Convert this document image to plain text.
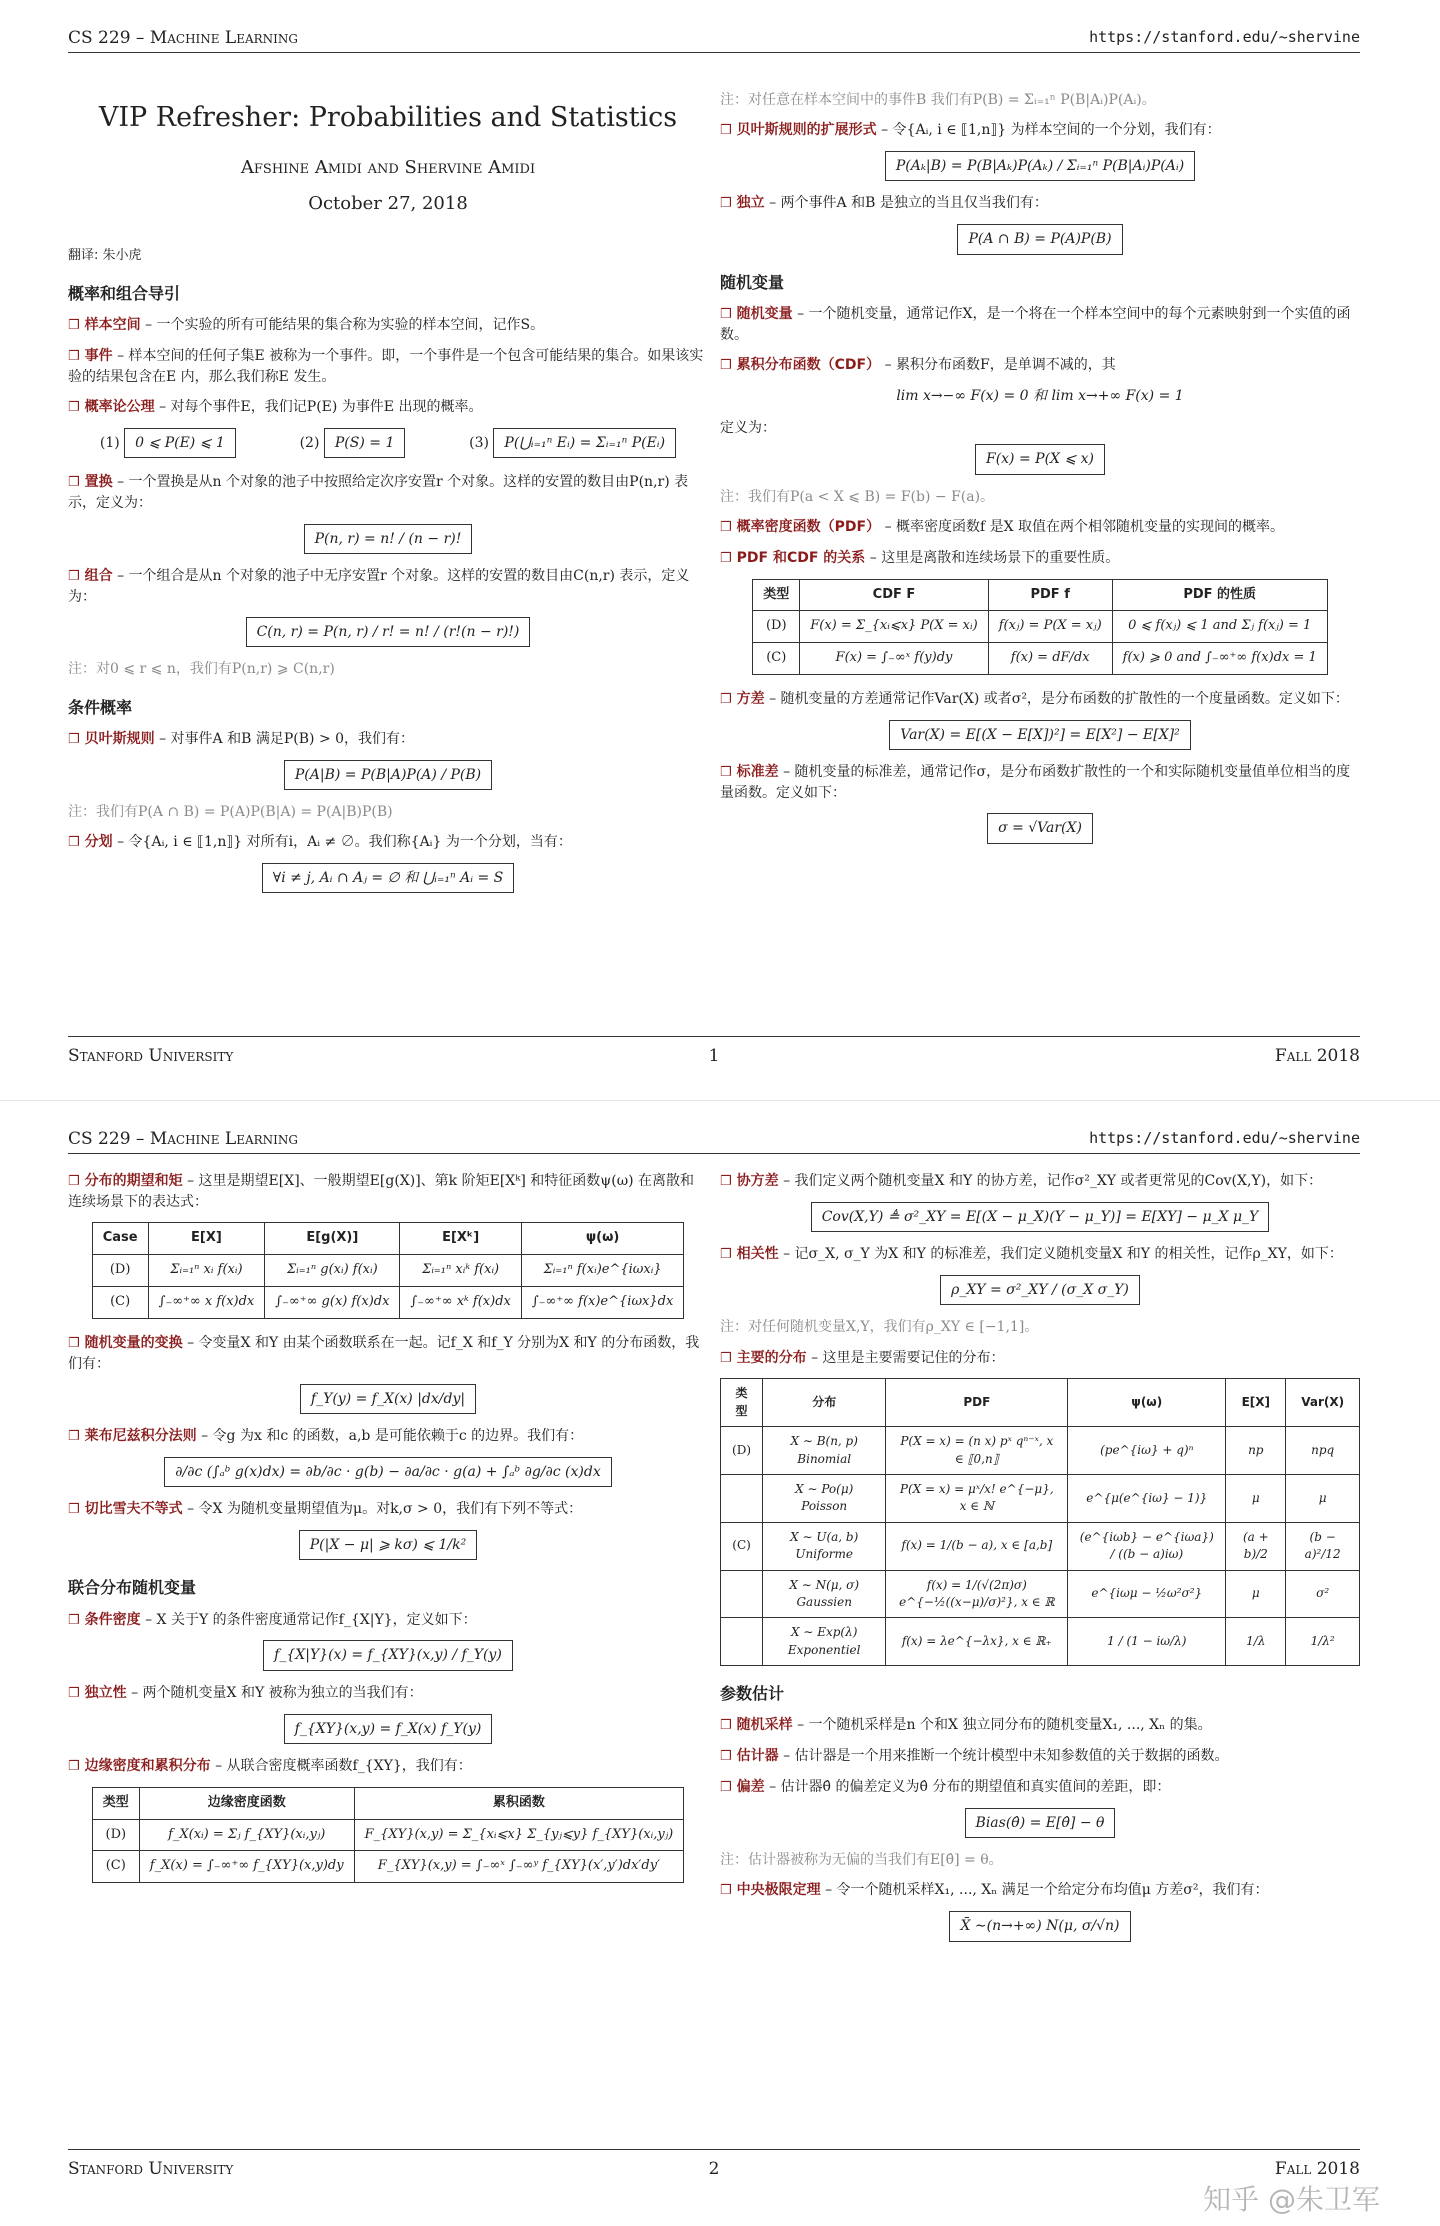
CS 229 – Machine Learning	https://stanford.edu/~shervine
VIP Refresher: Probabilities and Statistics
Afshine Amidi and Shervine Amidi
October 27, 2018
翻译: 朱小虎
概率和组合导引
❒ 样本空间 – 一个实验的所有可能结果的集合称为实验的样本空间，记作S。
❒ 事件 – 样本空间的任何子集E 被称为一个事件。即，一个事件是一个包含可能结果的集合。如果该实验的结果包含在E 内，那么我们称E 发生。
❒ 概率论公理 – 对每个事件E，我们记P(E) 为事件E 出现的概率。
(1) 0 ⩽ P(E) ⩽ 1	(2) P(S) = 1	(3) P(⋃ᵢ₌₁ⁿ Eᵢ) = Σᵢ₌₁ⁿ P(Eᵢ)
❒ 置换 – 一个置换是从n 个对象的池子中按照给定次序安置r 个对象。这样的安置的数目由P(n,r) 表示，定义为：
P(n, r) = n! / (n − r)!
❒ 组合 – 一个组合是从n 个对象的池子中无序安置r 个对象。这样的安置的数目由C(n,r) 表示，定义为：
C(n, r) = P(n, r) / r! = n! / (r!(n − r)!)
注：对0 ⩽ r ⩽ n，我们有P(n,r) ⩾ C(n,r)
条件概率
❒ 贝叶斯规则 – 对事件A 和B 满足P(B) > 0，我们有：
P(A|B) = P(B|A)P(A) / P(B)
注：我们有P(A ∩ B) = P(A)P(B|A) = P(A|B)P(B)
❒ 分划 – 令{Aᵢ, i ∈ ⟦1,n⟧} 对所有i，Aᵢ ≠ ∅。我们称{Aᵢ} 为一个分划，当有：
∀i ≠ j, Aᵢ ∩ Aⱼ = ∅ 和 ⋃ᵢ₌₁ⁿ Aᵢ = S
注：对任意在样本空间中的事件B 我们有P(B) = Σᵢ₌₁ⁿ P(B|Aᵢ)P(Aᵢ)。
❒ 贝叶斯规则的扩展形式 – 令{Aᵢ, i ∈ ⟦1,n⟧} 为样本空间的一个分划，我们有：
P(Aₖ|B) = P(B|Aₖ)P(Aₖ) / Σᵢ₌₁ⁿ P(B|Aᵢ)P(Aᵢ)
❒ 独立 – 两个事件A 和B 是独立的当且仅当我们有：
P(A ∩ B) = P(A)P(B)
随机变量
❒ 随机变量 – 一个随机变量，通常记作X，是一个将在一个样本空间中的每个元素映射到一个实值的函数。
❒ 累积分布函数（CDF） – 累积分布函数F，是单调不减的，其
lim x→−∞ F(x) = 0 和 lim x→+∞ F(x) = 1
定义为：
F(x) = P(X ⩽ x)
注：我们有P(a < X ⩽ B) = F(b) − F(a)。
❒ 概率密度函数（PDF） – 概率密度函数f 是X 取值在两个相邻随机变量的实现间的概率。
❒ PDF 和CDF 的关系 – 这里是离散和连续场景下的重要性质。
类型	CDF F	PDF f	PDF 的性质
(D)	F(x) = Σ_{xᵢ⩽x} P(X = xᵢ)	f(xⱼ) = P(X = xⱼ)	0 ⩽ f(xⱼ) ⩽ 1 and Σⱼ f(xⱼ) = 1
(C)	F(x) = ∫₋∞ˣ f(y)dy	f(x) = dF/dx	f(x) ⩾ 0 and ∫₋∞⁺∞ f(x)dx = 1
❒ 方差 – 随机变量的方差通常记作Var(X) 或者σ²，是分布函数的扩散性的一个度量函数。定义如下：
Var(X) = E[(X − E[X])²] = E[X²] − E[X]²
❒ 标准差 – 随机变量的标准差，通常记作σ，是分布函数扩散性的一个和实际随机变量值单位相当的度量函数。定义如下：
σ = √Var(X)
Stanford University	1	Fall 2018
CS 229 – Machine Learning	https://stanford.edu/~shervine
❒ 分布的期望和矩 – 这里是期望E[X]、一般期望E[g(X)]、第k 阶矩E[Xᵏ] 和特征函数ψ(ω) 在离散和连续场景下的表达式：
Case	E[X]	E[g(X)]	E[Xᵏ]	ψ(ω)
(D)	Σᵢ₌₁ⁿ xᵢ f(xᵢ)	Σᵢ₌₁ⁿ g(xᵢ) f(xᵢ)	Σᵢ₌₁ⁿ xᵢᵏ f(xᵢ)	Σᵢ₌₁ⁿ f(xᵢ)e^{iωxᵢ}
(C)	∫₋∞⁺∞ x f(x)dx	∫₋∞⁺∞ g(x) f(x)dx	∫₋∞⁺∞ xᵏ f(x)dx	∫₋∞⁺∞ f(x)e^{iωx}dx
❒ 随机变量的变换 – 令变量X 和Y 由某个函数联系在一起。记f_X 和f_Y 分别为X 和Y 的分布函数，我们有：
f_Y(y) = f_X(x) |dx/dy|
❒ 莱布尼兹积分法则 – 令g 为x 和c 的函数，a,b 是可能依赖于c 的边界。我们有：
∂/∂c (∫ₐᵇ g(x)dx) = ∂b/∂c · g(b) − ∂a/∂c · g(a) + ∫ₐᵇ ∂g/∂c (x)dx
❒ 切比雪夫不等式 – 令X 为随机变量期望值为μ。对k,σ > 0，我们有下列不等式：
P(|X − μ| ⩾ kσ) ⩽ 1/k²
联合分布随机变量
❒ 条件密度 – X 关于Y 的条件密度通常记作f_{X|Y}，定义如下：
f_{X|Y}(x) = f_{XY}(x,y) / f_Y(y)
❒ 独立性 – 两个随机变量X 和Y 被称为独立的当我们有：
f_{XY}(x,y) = f_X(x) f_Y(y)
❒ 边缘密度和累积分布 – 从联合密度概率函数f_{XY}，我们有：
类型	边缘密度函数	累积函数
(D)	f_X(xᵢ) = Σⱼ f_{XY}(xᵢ,yⱼ)	F_{XY}(x,y) = Σ_{xᵢ⩽x} Σ_{yⱼ⩽y} f_{XY}(xᵢ,yⱼ)
(C)	f_X(x) = ∫₋∞⁺∞ f_{XY}(x,y)dy	F_{XY}(x,y) = ∫₋∞ˣ ∫₋∞ʸ f_{XY}(x′,y′)dx′dy′
❒ 协方差 – 我们定义两个随机变量X 和Y 的协方差，记作σ²_XY 或者更常见的Cov(X,Y)，如下：
Cov(X,Y) ≜ σ²_XY = E[(X − μ_X)(Y − μ_Y)] = E[XY] − μ_X μ_Y
❒ 相关性 – 记σ_X, σ_Y 为X 和Y 的标准差，我们定义随机变量X 和Y 的相关性，记作ρ_XY，如下：
ρ_XY = σ²_XY / (σ_X σ_Y)
注：对任何随机变量X,Y，我们有ρ_XY ∈ [−1,1]。
❒ 主要的分布 – 这里是主要需要记住的分布：
类型	分布	PDF	ψ(ω)	E[X]	Var(X)
(D)	X ∼ B(n, p) Binomial	P(X = x) = (n x) pˣ qⁿ⁻ˣ, x ∈ ⟦0,n⟧	(pe^{iω} + q)ⁿ	np	npq
	X ∼ Po(μ) Poisson	P(X = x) = μˣ/x! e^{−μ}, x ∈ ℕ	e^{μ(e^{iω} − 1)}	μ	μ
(C)	X ∼ U(a, b) Uniforme	f(x) = 1/(b − a), x ∈ [a,b]	(e^{iωb} − e^{iωa}) / ((b − a)iω)	(a + b)/2	(b − a)²/12
	X ∼ N(μ, σ) Gaussien	f(x) = 1/(√(2π)σ) e^{−½((x−μ)/σ)²}, x ∈ ℝ	e^{iωμ − ½ω²σ²}	μ	σ²
	X ∼ Exp(λ) Exponentiel	f(x) = λe^{−λx}, x ∈ ℝ₊	1 / (1 − iω/λ)	1/λ	1/λ²
参数估计
❒ 随机采样 – 一个随机采样是n 个和X 独立同分布的随机变量X₁, ..., Xₙ 的集。
❒ 估计器 – 估计器是一个用来推断一个统计模型中未知参数值的关于数据的函数。
❒ 偏差 – 估计器θ̂ 的偏差定义为θ̂ 分布的期望值和真实值间的差距，即：
Bias(θ̂) = E[θ̂] − θ
注：估计器被称为无偏的当我们有E[θ̂] = θ。
❒ 中央极限定理 – 令一个随机采样X₁, ..., Xₙ 满足一个给定分布均值μ 方差σ²，我们有：
X̄ ∼(n→+∞) N(μ, σ/√n)
Stanford University	2	Fall 2018
知乎 @朱卫军
